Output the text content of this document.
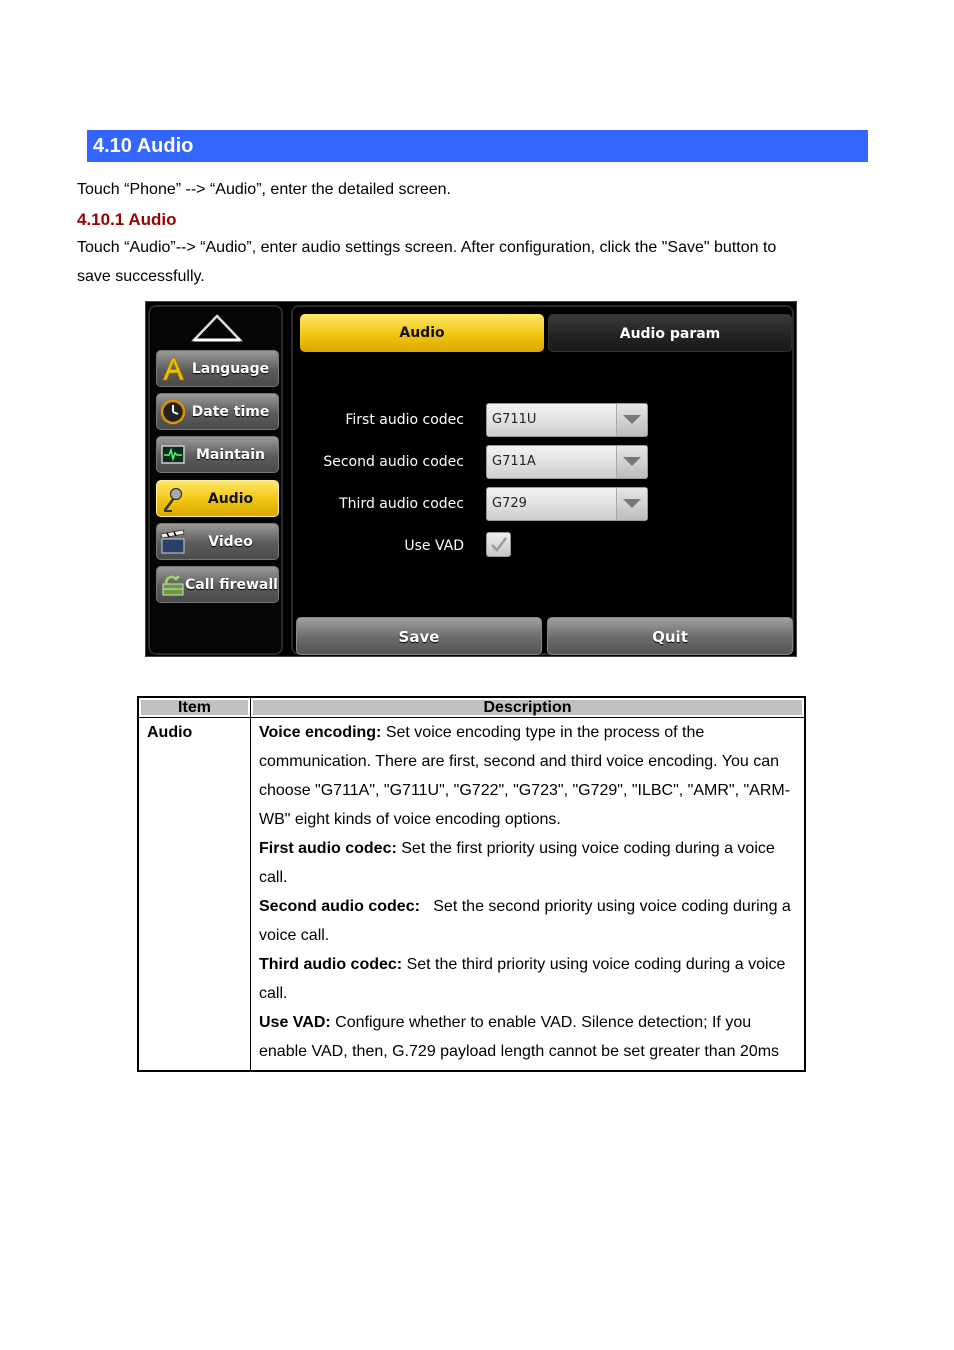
4.10 Audio
Touch “Phone” --> “Audio”, enter the detailed screen.
4.10.1 Audio
Touch “Audio”--> “Audio”, enter audio settings screen. After configuration, click the "Save" button to
save successfully.
Language
Date time
Maintain
Audio
Video
Call firewall
Audio	Audio param
First audio codec G711U
Second audio codec G711A
Third audio codec G729
Use VAD
Save	Quit
Item	Description
Audio	Voice encoding: Set voice encoding type in the process of the communication. There are first, second and third voice encoding. You can choose "G711A", "G711U", "G722", "G723", "G729", "ILBC", "AMR", "ARM-WB" eight kinds of voice encoding options.
First audio codec: Set the first priority using voice coding during a voice call.
Second audio codec:   Set the second priority using voice coding during a voice call.
Third audio codec: Set the third priority using voice coding during a voice call.
Use VAD: Configure whether to enable VAD. Silence detection; If you enable VAD, then, G.729 payload length cannot be set greater than 20ms
